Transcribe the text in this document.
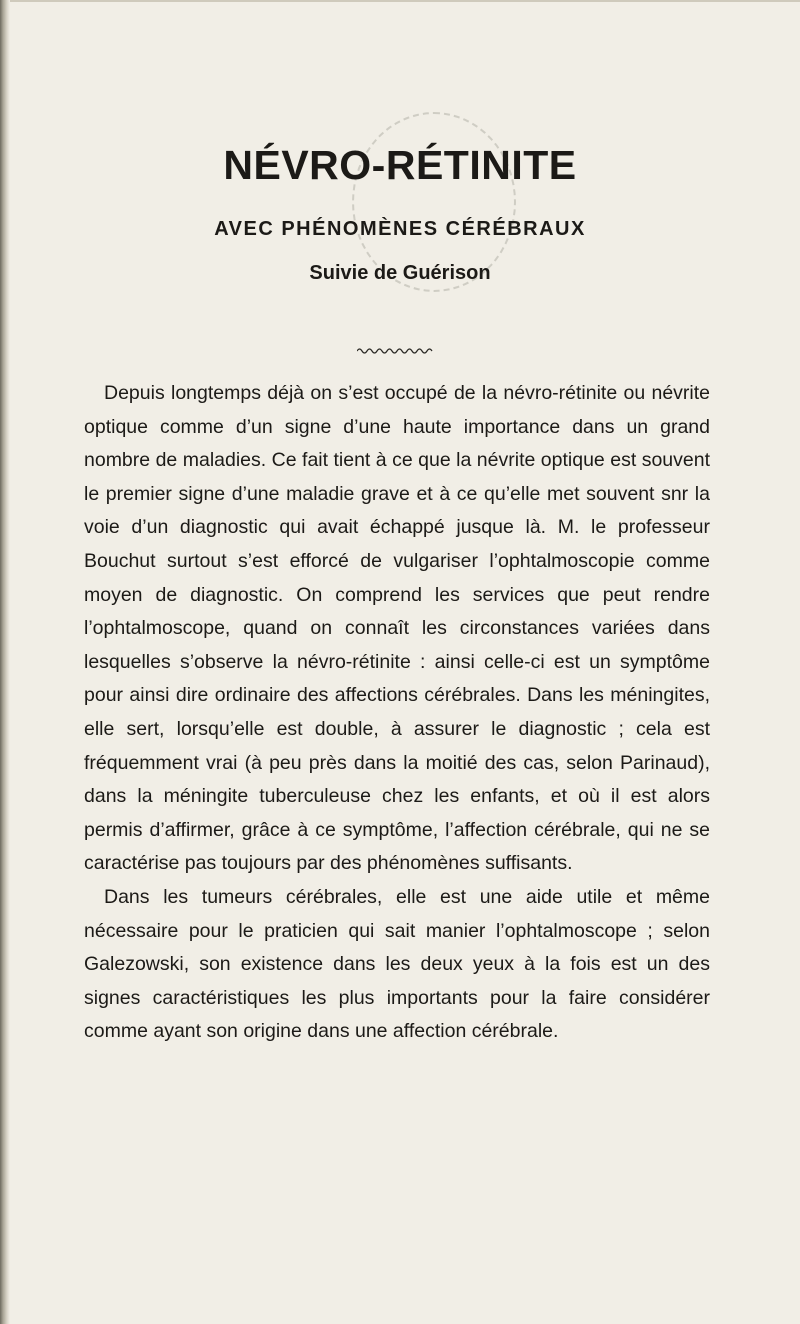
NÉVRO-RÉTINITE
AVEC PHÉNOMÈNES CÉRÉBRAUX
Suivie de Guérison

Depuis longtemps déjà on s’est occupé de la névro-rétinite ou névrite optique comme d’un signe d’une haute importance dans un grand nombre de maladies. Ce fait tient à ce que la névrite optique est souvent le premier signe d’une maladie grave et à ce qu’elle met souvent snr la voie d’un diagnostic qui avait échappé jusque là. M. le professeur Bouchut surtout s’est efforcé de vulgariser l’ophtalmoscopie comme moyen de diagnostic. On comprend les services que peut rendre l’ophtalmoscope, quand on connaît les circonstances variées dans lesquelles s’observe la névro-rétinite : ainsi celle-ci est un symptôme pour ainsi dire ordinaire des affections cérébrales. Dans les méningites, elle sert, lorsqu’elle est double, à assurer le diagnostic ; cela est fréquemment vrai (à peu près dans la moitié des cas, selon Parinaud), dans la méningite tuberculeuse chez les enfants, et où il est alors permis d’affirmer, grâce à ce symptôme, l’affection cérébrale, qui ne se caractérise pas toujours par des phénomènes suffisants.

Dans les tumeurs cérébrales, elle est une aide utile et même nécessaire pour le praticien qui sait manier l’ophtalmoscope ; selon Galezowski, son existence dans les deux yeux à la fois est un des signes caractéristiques les plus importants pour la faire considérer comme ayant son origine dans une affection cérébrale.
